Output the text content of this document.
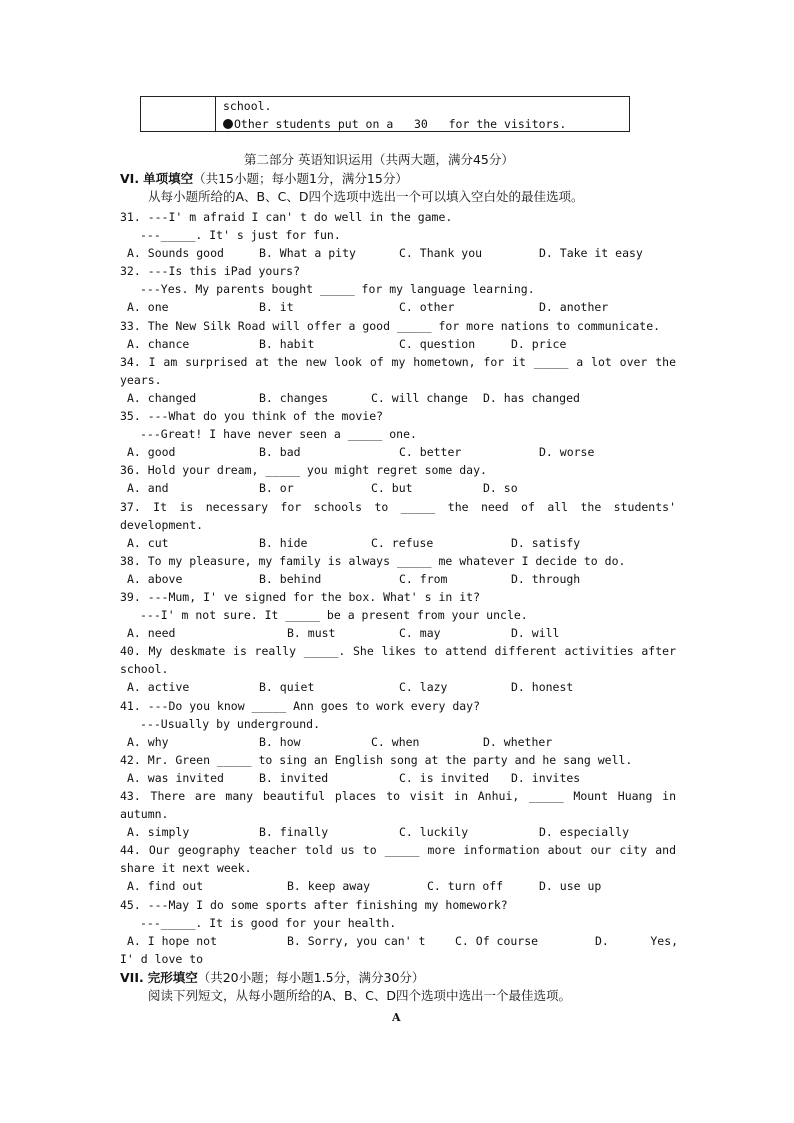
school.
Other students put on a   30   for the visitors.
第二部分 英语知识运用（共两大题，满分45分）
VI. 单项填空（共15小题；每小题1分，满分15分）
从每小题所给的A、B、C、D四个选项中选出一个可以填入空白处的最佳选项。
31. ---I' m afraid I can' t do well in the game.
---_____. It' s just for fun.
A. Sounds good	B. What a pity	C. Thank you	D. Take it easy
32. ---Is this iPad yours?
---Yes. My parents bought _____ for my language learning.
A. one	B. it	C. other	D. another
33. The New Silk Road will offer a good _____ for more nations to communicate.
A. chance	B. habit	C. question	D. price
34. I am surprised at the new look of my hometown, for it _____ a lot over the
years.
A. changed	B. changes	C. will change D. has changed
35. ---What do you think of the movie?
---Great! I have never seen a _____ one.
A. good	B. bad	C. better	D. worse
36. Hold your dream, _____ you might regret some day.
A. and	B. or	C. but	D. so
37. It is necessary for schools to _____ the need of all the students'
development.
A. cut	B. hide	C. refuse	D. satisfy
38. To my pleasure, my family is always _____ me whatever I decide to do.
A. above	B. behind	C. from	D. through
39. ---Mum, I' ve signed for the box. What' s in it?
---I' m not sure. It _____ be a present from your uncle.
A. need	B. must	C. may	D. will
40. My deskmate is really _____. She likes to attend different activities after
school.
A. active	B. quiet	C. lazy	D. honest
41. ---Do you know _____ Ann goes to work every day?
---Usually by underground.
A. why	B. how	C. when	D. whether
42. Mr. Green _____ to sing an English song at the party and he sang well.
A. was invited	B. invited	C. is invited D. invites
43. There are many beautiful places to visit in Anhui, _____ Mount Huang in
autumn.
A. simply	B. finally	C. luckily	D. especially
44. Our geography teacher told us to _____ more information about our city and
share it next week.
A. find out	B. keep away	C. turn off	D. use up
45. ---May I do some sports after finishing my homework?
---_____. It is good for your health.
A. I hope not	B. Sorry, you can' t	C. Of course	D.      Yes,
I' d love to
VII. 完形填空（共20小题；每小题1.5分，满分30分）
阅读下列短文，从每小题所给的A、B、C、D四个选项中选出一个最佳选项。
A
